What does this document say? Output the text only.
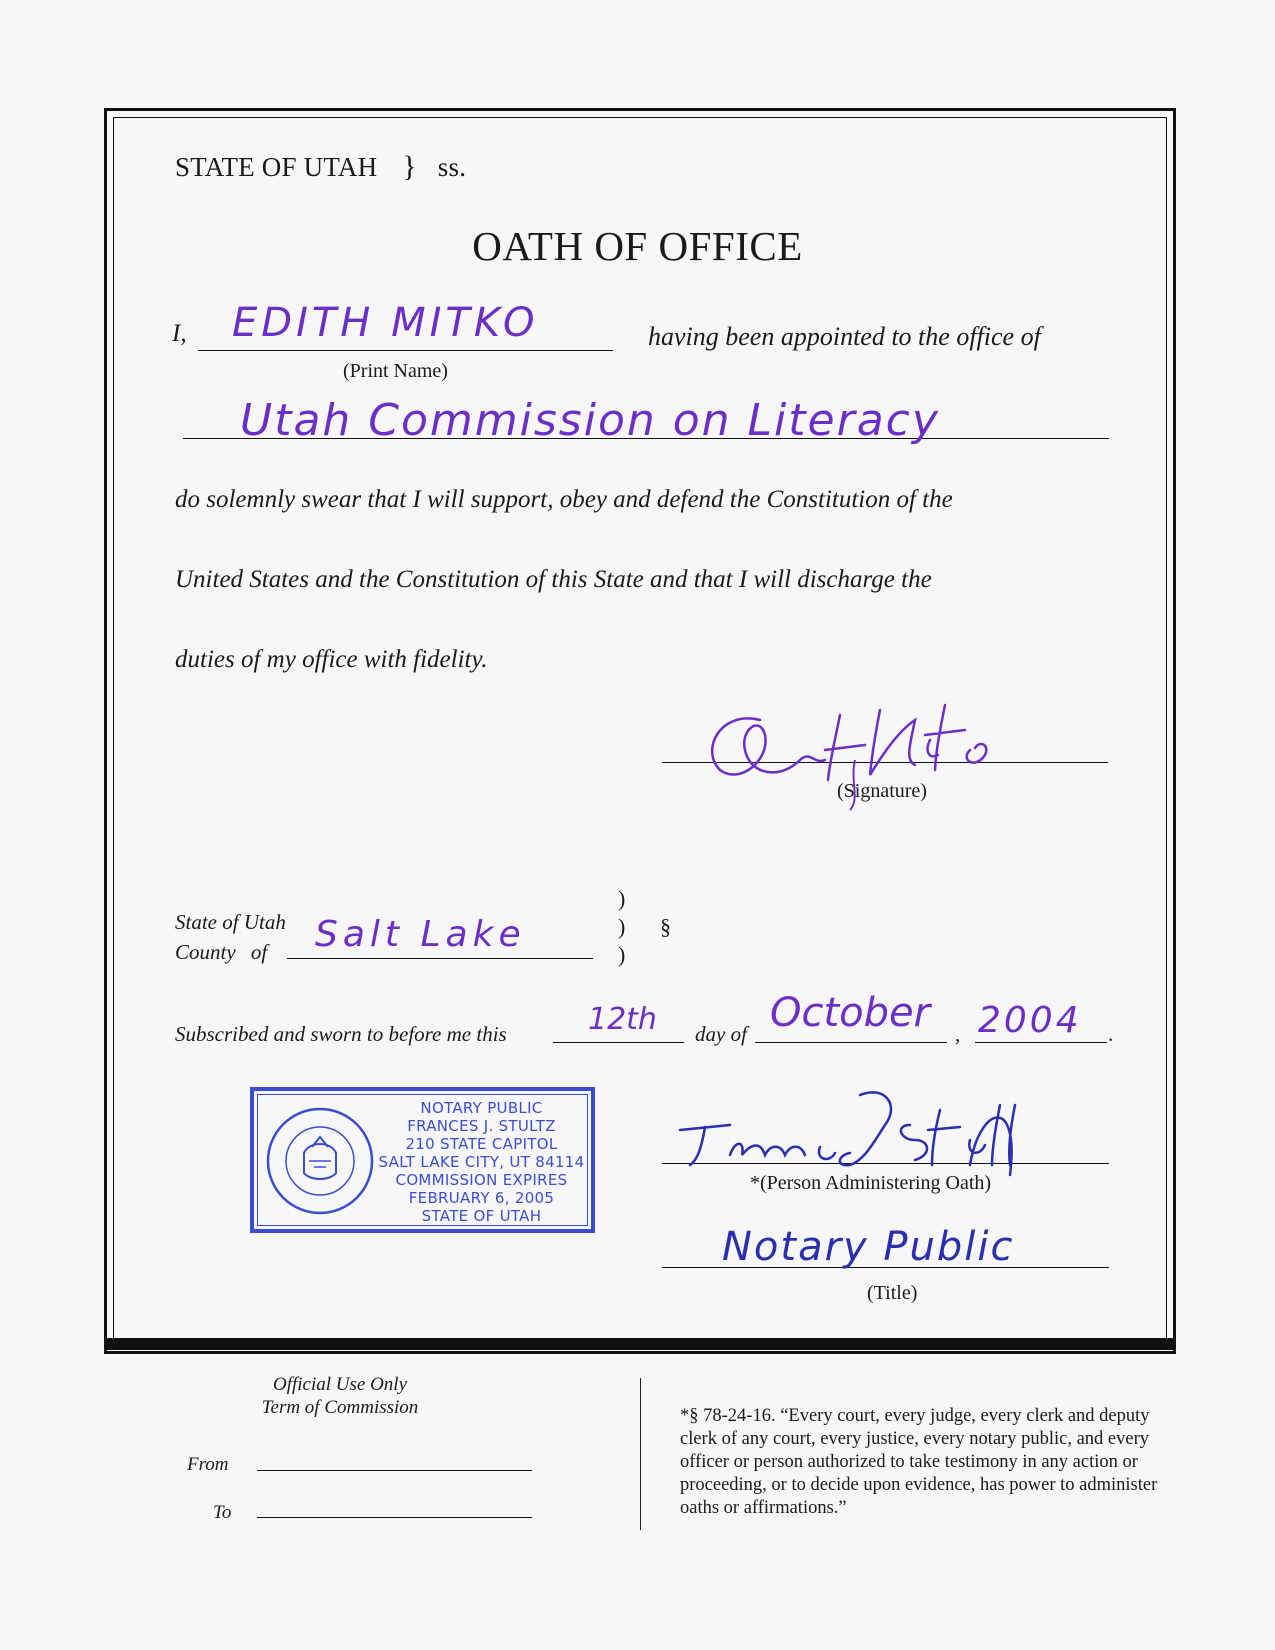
STATE OF UTAH } ss.
OATH OF OFFICE
I, EDITH MITKO
(Print Name)
having been appointed to the office of
Utah Commission on Literacy
do solemnly swear that I will support, obey and defend the Constitution of the
United States and the Constitution of this State and that I will discharge the
duties of my office with fidelity.
(Signature)
State of Utah
County of Salt Lake
)
)
)
§
Subscribed and sworn to before me this	12th day of October , 2004 .
NOTARY PUBLIC
FRANCES J. STULTZ
210 STATE CAPITOL
SALT LAKE CITY, UT 84114
COMMISSION EXPIRES
FEBRUARY 6, 2005
STATE OF UTAH
*(Person Administering Oath)
Notary Public
(Title)
Official Use Only
Term of Commission
From
To
*§ 78-24-16. “Every court, every judge, every clerk and deputy clerk of any court, every justice, every notary public, and every officer or person authorized to take testimony in any action or proceeding, or to decide upon evidence, has power to administer oaths or affirmations.”
